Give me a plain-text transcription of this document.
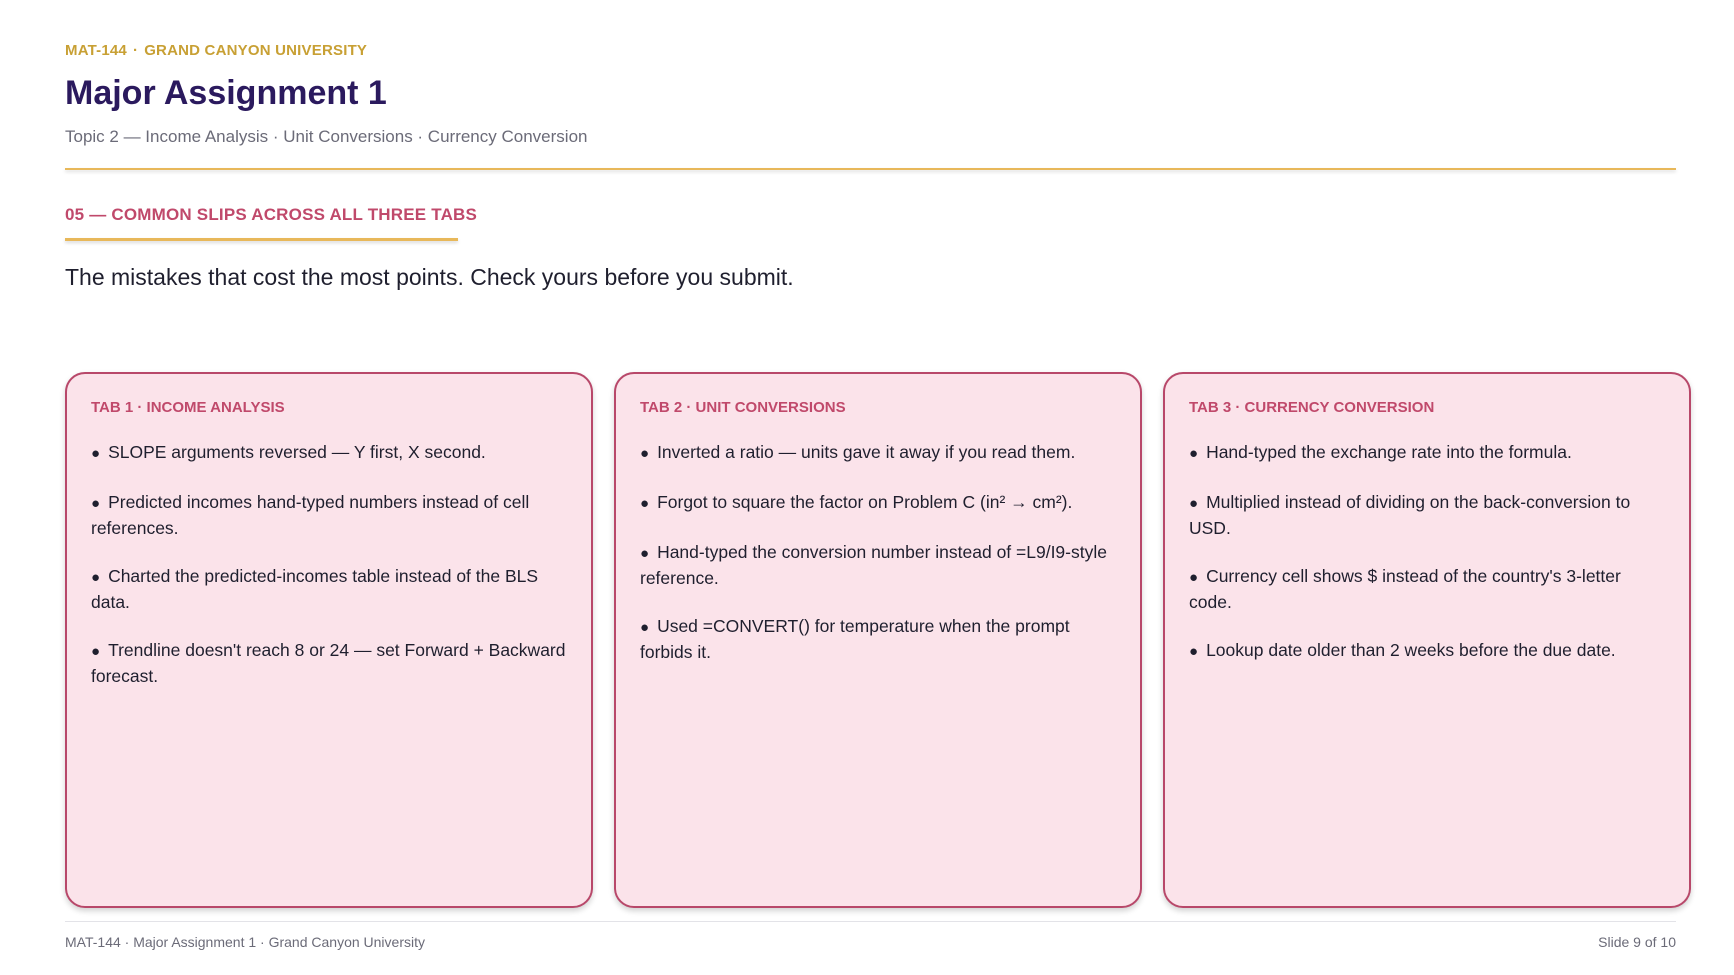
MAT-144 · GRAND CANYON UNIVERSITY
Major Assignment 1
Topic 2 — Income Analysis · Unit Conversions · Currency Conversion
05 — COMMON SLIPS ACROSS ALL THREE TABS
The mistakes that cost the most points. Check yours before you submit.
TAB 1 · INCOME ANALYSIS
● SLOPE arguments reversed — Y first, X second.
● Predicted incomes hand-typed numbers instead of cell references.
● Charted the predicted-incomes table instead of the BLS data.
● Trendline doesn't reach 8 or 24 — set Forward + Backward forecast.
TAB 2 · UNIT CONVERSIONS
● Inverted a ratio — units gave it away if you read them.
● Forgot to square the factor on Problem C (in² → cm²).
● Hand-typed the conversion number instead of =L9/I9-style reference.
● Used =CONVERT() for temperature when the prompt forbids it.
TAB 3 · CURRENCY CONVERSION
● Hand-typed the exchange rate into the formula.
● Multiplied instead of dividing on the back-conversion to USD.
● Currency cell shows $ instead of the country's 3-letter code.
● Lookup date older than 2 weeks before the due date.
MAT-144 · Major Assignment 1 · Grand Canyon University	Slide 9 of 10
